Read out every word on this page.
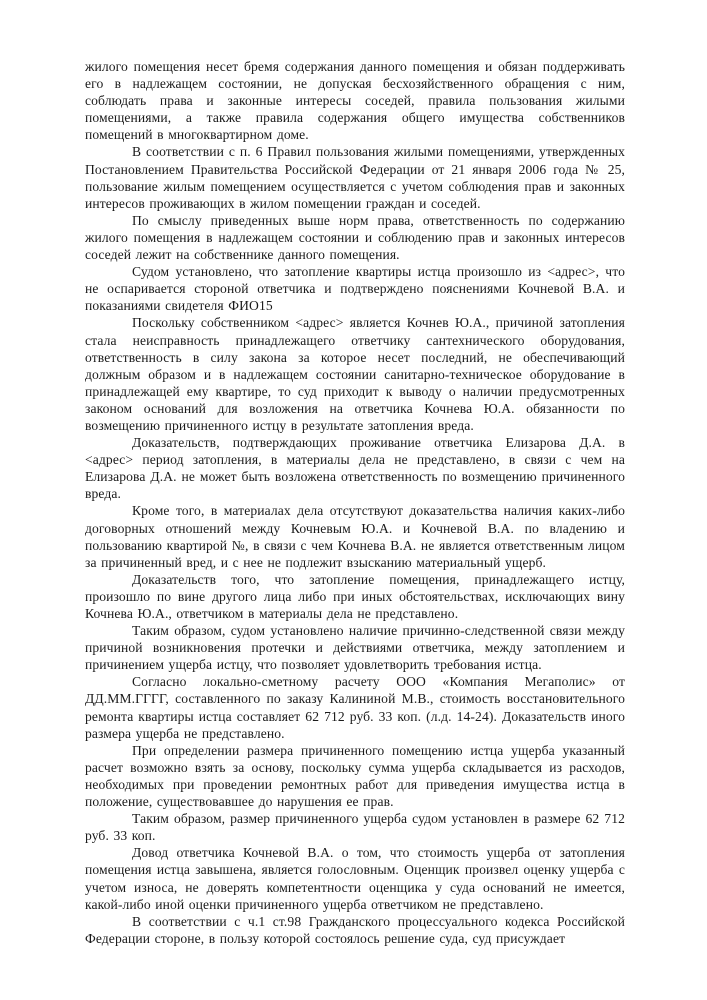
жилого помещения несет бремя содержания данного помещения и обязан поддерживать его в надлежащем состоянии, не допуская бесхозяйственного обращения с ним, соблюдать права и законные интересы соседей, правила пользования жилыми помещениями, а также правила содержания общего имущества собственников помещений в многоквартирном доме.

В соответствии с п. 6 Правил пользования жилыми помещениями, утвержденных Постановлением Правительства Российской Федерации от 21 января 2006 года № 25, пользование жилым помещением осуществляется с учетом соблюдения прав и законных интересов проживающих в жилом помещении граждан и соседей.

По смыслу приведенных выше норм права, ответственность по содержанию жилого помещения в надлежащем состоянии и соблюдению прав и законных интересов соседей лежит на собственнике данного помещения.

Судом установлено, что затопление квартиры истца произошло из <адрес>, что не оспаривается стороной ответчика и подтверждено пояснениями Кочневой В.А. и показаниями свидетеля ФИО15

Поскольку собственником <адрес> является Кочнев Ю.А., причиной затопления стала неисправность принадлежащего ответчику сантехнического оборудования, ответственность в силу закона за которое несет последний, не обеспечивающий должным образом и в надлежащем состоянии санитарно-техническое оборудование в принадлежащей ему квартире, то суд приходит к выводу о наличии предусмотренных законом оснований для возложения на ответчика Кочнева Ю.А. обязанности по возмещению причиненного истцу в результате затопления вреда.

Доказательств, подтверждающих проживание ответчика Елизарова Д.А. в <адрес> период затопления, в материалы дела не представлено, в связи с чем на Елизарова Д.А. не может быть возложена ответственность по возмещению причиненного вреда.

Кроме того, в материалах дела отсутствуют доказательства наличия каких-либо договорных отношений между Кочневым Ю.А. и Кочневой В.А. по владению и пользованию квартирой №, в связи с чем Кочнева В.А. не является ответственным лицом за причиненный вред, и с нее не подлежит взысканию материальный ущерб.

Доказательств того, что затопление помещения, принадлежащего истцу, произошло по вине другого лица либо при иных обстоятельствах, исключающих вину Кочнева Ю.А., ответчиком в материалы дела не представлено.

Таким образом, судом установлено наличие причинно-следственной связи между причиной возникновения протечки и действиями ответчика, между затоплением и причинением ущерба истцу, что позволяет удовлетворить требования истца.

Согласно локально-сметному расчету ООО «Компания Мегаполис» от ДД.ММ.ГГГГ, составленного по заказу Калининой М.В., стоимость восстановительного ремонта квартиры истца составляет 62 712 руб. 33 коп. (л.д. 14-24). Доказательств иного размера ущерба не представлено.

При определении размера причиненного помещению истца ущерба указанный расчет возможно взять за основу, поскольку сумма ущерба складывается из расходов, необходимых при проведении ремонтных работ для приведения имущества истца в положение, существовавшее до нарушения ее прав.

Таким образом, размер причиненного ущерба судом установлен в размере 62 712 руб. 33 коп.

Довод ответчика Кочневой В.А. о том, что стоимость ущерба от затопления помещения истца завышена, является голословным. Оценщик произвел оценку ущерба с учетом износа, не доверять компетентности оценщика у суда оснований не имеется, какой-либо иной оценки причиненного ущерба ответчиком не представлено.

В соответствии с ч.1 ст.98 Гражданского процессуального кодекса Российской Федерации стороне, в пользу которой состоялось решение суда, суд присуждает
